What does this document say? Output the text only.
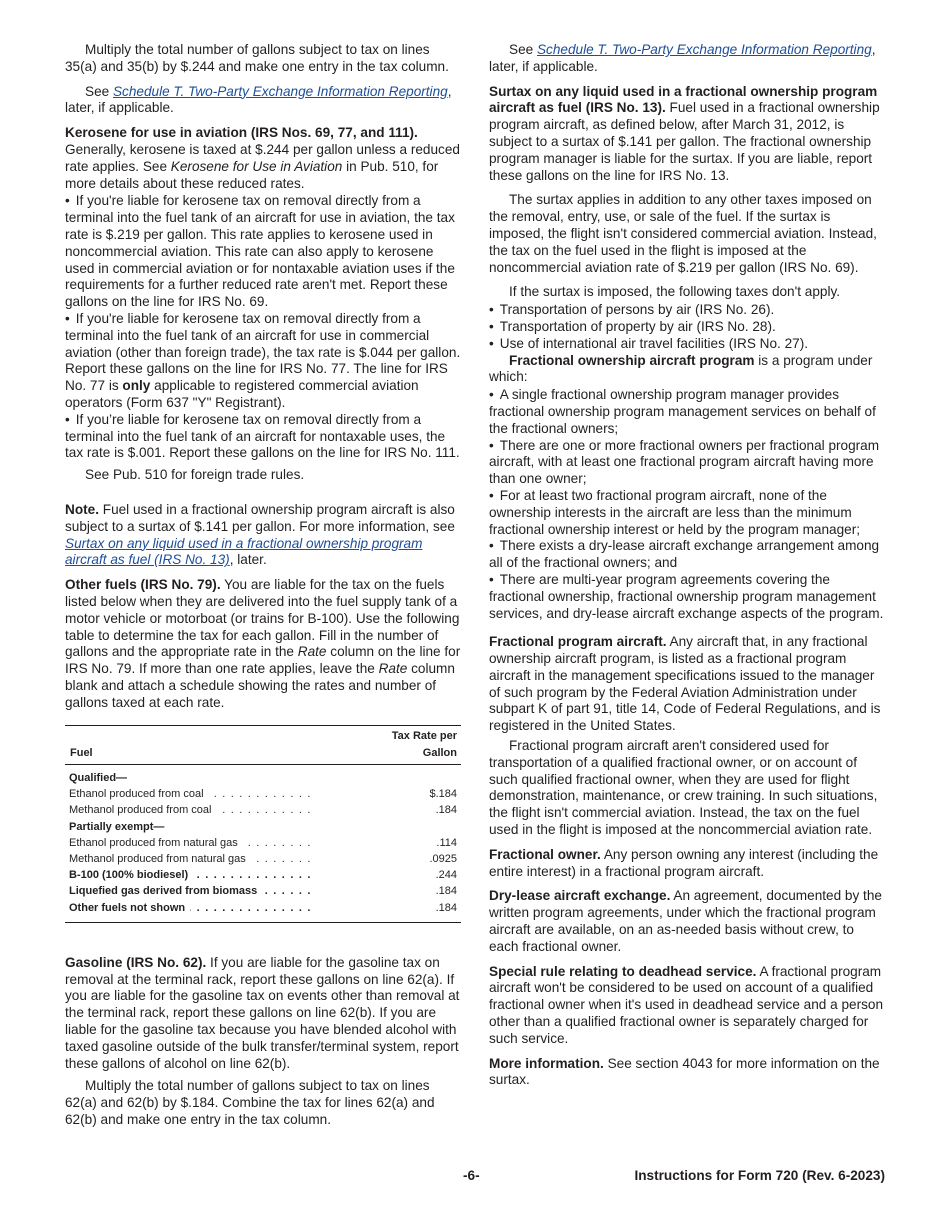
Multiply the total number of gallons subject to tax on lines 35(a) and 35(b) by $.244 and make one entry in the tax column.

See Schedule T. Two-Party Exchange Information Reporting, later, if applicable.

Kerosene for use in aviation (IRS Nos. 69, 77, and 111). Generally, kerosene is taxed at $.244 per gallon unless a reduced rate applies. See Kerosene for Use in Aviation in Pub. 510, for more details about these reduced rates.

• If you're liable for kerosene tax on removal directly from a terminal into the fuel tank of an aircraft for use in aviation, the tax rate is $.219 per gallon. This rate applies to kerosene used in noncommercial aviation. This rate can also apply to kerosene used in commercial aviation or for nontaxable aviation uses if the requirements for a further reduced rate aren't met. Report these gallons on the line for IRS No. 69.
• If you're liable for kerosene tax on removal directly from a terminal into the fuel tank of an aircraft for use in commercial aviation (other than foreign trade), the tax rate is $.044 per gallon. Report these gallons on the line for IRS No. 77. The line for IRS No. 77 is only applicable to registered commercial aviation operators (Form 637 "Y" Registrant).
• If you’re liable for kerosene tax on removal directly from a terminal into the fuel tank of an aircraft for nontaxable uses, the tax rate is $.001. Report these gallons on the line for IRS No. 111.

See Pub. 510 for foreign trade rules.

Note. Fuel used in a fractional ownership program aircraft is also subject to a surtax of $.141 per gallon. For more information, see Surtax on any liquid used in a fractional ownership program aircraft as fuel (IRS No. 13), later.

Other fuels (IRS No. 79). You are liable for the tax on the fuels listed below when they are delivered into the fuel supply tank of a motor vehicle or motorboat (or trains for B-100). Use the following table to determine the tax for each gallon. Fill in the number of gallons and the appropriate rate in the Rate column on the line for IRS No. 79. If more than one rate applies, leave the Rate column blank and attach a schedule showing the rates and number of gallons taxed at each rate.

Fuel	Tax Rate per Gallon
Qualified—	
Ethanol produced from coal . . .	$.184
Methanol produced from coal . . .	.184
Partially exempt—	
Ethanol produced from natural gas . . .	.114
Methanol produced from natural gas . . .	.0925
B-100 (100% biodiesel) . . .	.244
Liquefied gas derived from biomass . . .	.184
Other fuels not shown . . .	.184

Gasoline (IRS No. 62). If you are liable for the gasoline tax on removal at the terminal rack, report these gallons on line 62(a). If you are liable for the gasoline tax on events other than removal at the terminal rack, report these gallons on line 62(b). If you are liable for the gasoline tax because you have blended alcohol with taxed gasoline outside of the bulk transfer/terminal system, report these gallons of alcohol on line 62(b).

Multiply the total number of gallons subject to tax on lines 62(a) and 62(b) by $.184. Combine the tax for lines 62(a) and 62(b) and make one entry in the tax column.

See Schedule T. Two-Party Exchange Information Reporting, later, if applicable.

Surtax on any liquid used in a fractional ownership program aircraft as fuel (IRS No. 13). Fuel used in a fractional ownership program aircraft, as defined below, after March 31, 2012, is subject to a surtax of $.141 per gallon. The fractional ownership program manager is liable for the surtax. If you are liable, report these gallons on the line for IRS No. 13.

The surtax applies in addition to any other taxes imposed on the removal, entry, use, or sale of the fuel. If the surtax is imposed, the flight isn't considered commercial aviation. Instead, the tax on the fuel used in the flight is imposed at the noncommercial aviation rate of $.219 per gallon (IRS No. 69).

If the surtax is imposed, the following taxes don't apply.

• Transportation of persons by air (IRS No. 26).
• Transportation of property by air (IRS No. 28).
• Use of international air travel facilities (IRS No. 27).

Fractional ownership aircraft program is a program under which:

• A single fractional ownership program manager provides fractional ownership program management services on behalf of the fractional owners;
• There are one or more fractional owners per fractional program aircraft, with at least one fractional program aircraft having more than one owner;
• For at least two fractional program aircraft, none of the ownership interests in the aircraft are less than the minimum fractional ownership interest or held by the program manager;
• There exists a dry-lease aircraft exchange arrangement among all of the fractional owners; and
• There are multi-year program agreements covering the fractional ownership, fractional ownership program management services, and dry-lease aircraft exchange aspects of the program.

Fractional program aircraft. Any aircraft that, in any fractional ownership aircraft program, is listed as a fractional program aircraft in the management specifications issued to the manager of such program by the Federal Aviation Administration under subpart K of part 91, title 14, Code of Federal Regulations, and is registered in the United States.

Fractional program aircraft aren't considered used for transportation of a qualified fractional owner, or on account of such qualified fractional owner, when they are used for flight demonstration, maintenance, or crew training. In such situations, the flight isn't commercial aviation. Instead, the tax on the fuel used in the flight is imposed at the noncommercial aviation rate.

Fractional owner. Any person owning any interest (including the entire interest) in a fractional program aircraft.

Dry-lease aircraft exchange. An agreement, documented by the written program agreements, under which the fractional program aircraft are available, on an as-needed basis without crew, to each fractional owner.

Special rule relating to deadhead service. A fractional program aircraft won't be considered to be used on account of a qualified fractional owner when it's used in deadhead service and a person other than a qualified fractional owner is separately charged for such service.

More information. See section 4043 for more information on the surtax.

-6-	Instructions for Form 720 (Rev. 6-2023)
